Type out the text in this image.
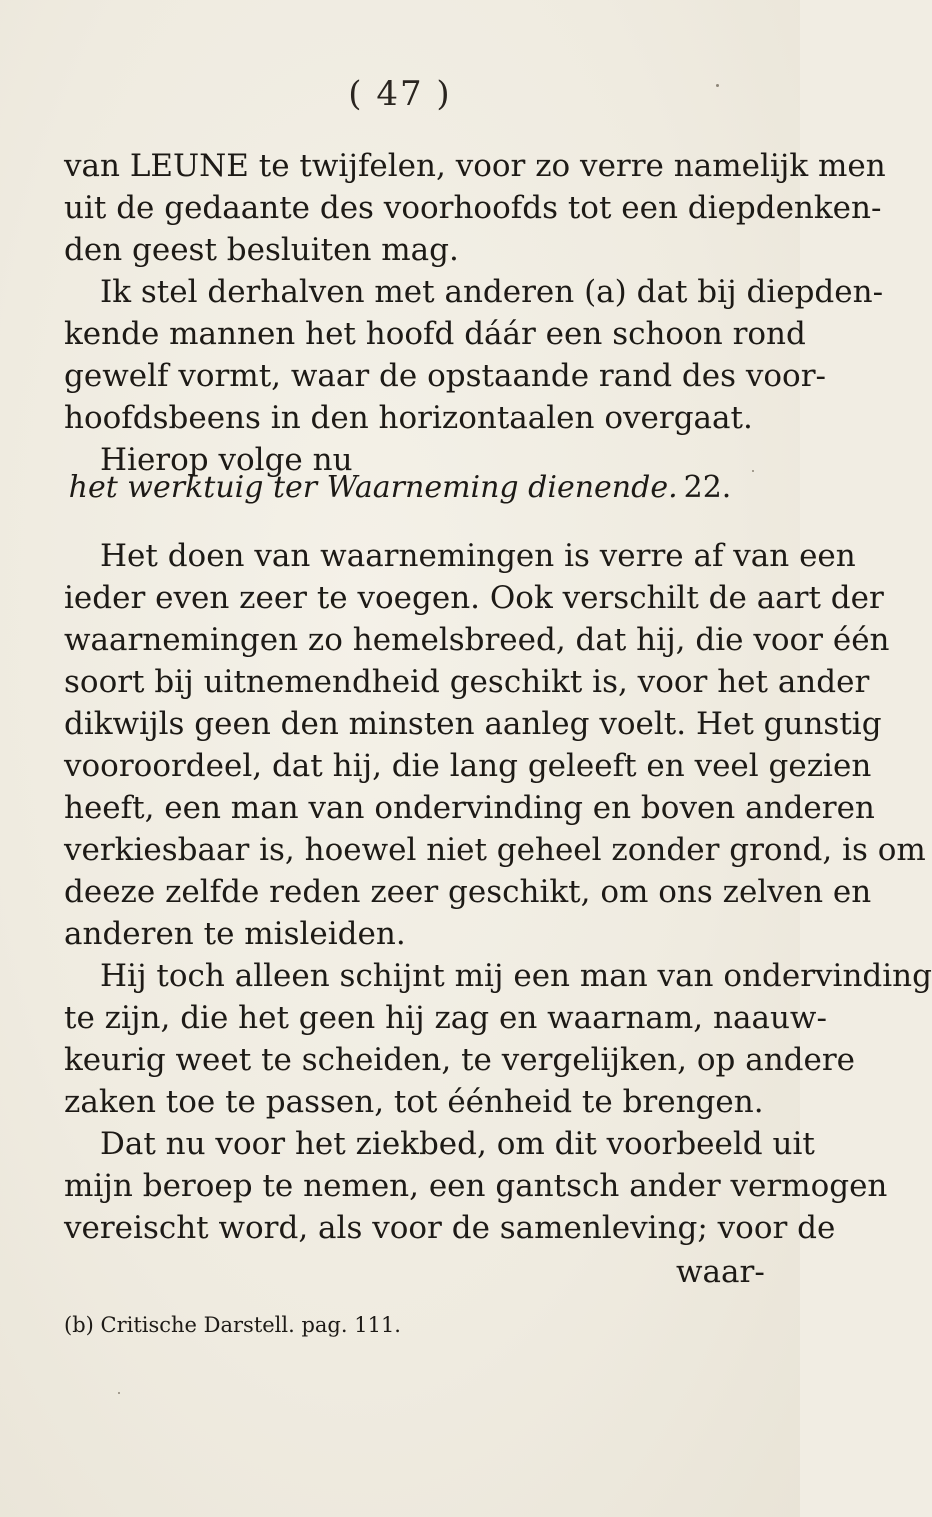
( 47 )
van LEUNE te twijfelen, voor zo verre namelijk men
uit de gedaante des voorhoofds tot een diepdenken-
den geest besluiten mag.
Ik stel derhalven met anderen (a) dat bij diepden-
kende mannen het hoofd dáár een schoon rond
gewelf vormt, waar de opstaande rand des voor-
hoofdsbeens in den horizontaalen overgaat.
Hierop volge nu
het werktuig ter Waarneming dienende. 22.
Het doen van waarnemingen is verre af van een
ieder even zeer te voegen. Ook verschilt de aart der
waarnemingen zo hemelsbreed, dat hij, die voor één
soort bij uitnemendheid geschikt is, voor het ander
dikwijls geen den minsten aanleg voelt. Het gunstig
vooroordeel, dat hij, die lang geleeft en veel gezien
heeft, een man van ondervinding en boven anderen
verkiesbaar is, hoewel niet geheel zonder grond, is om
deeze zelfde reden zeer geschikt, om ons zelven en
anderen te misleiden.
Hij toch alleen schijnt mij een man van ondervinding
te zijn, die het geen hij zag en waarnam, naauw-
keurig weet te scheiden, te vergelijken, op andere
zaken toe te passen, tot éénheid te brengen.
Dat nu voor het ziekbed, om dit voorbeeld uit
mijn beroep te nemen, een gantsch ander vermogen
vereischt word, als voor de samenleving; voor de
waar-
(b) Critische Darstell. pag. 111.
